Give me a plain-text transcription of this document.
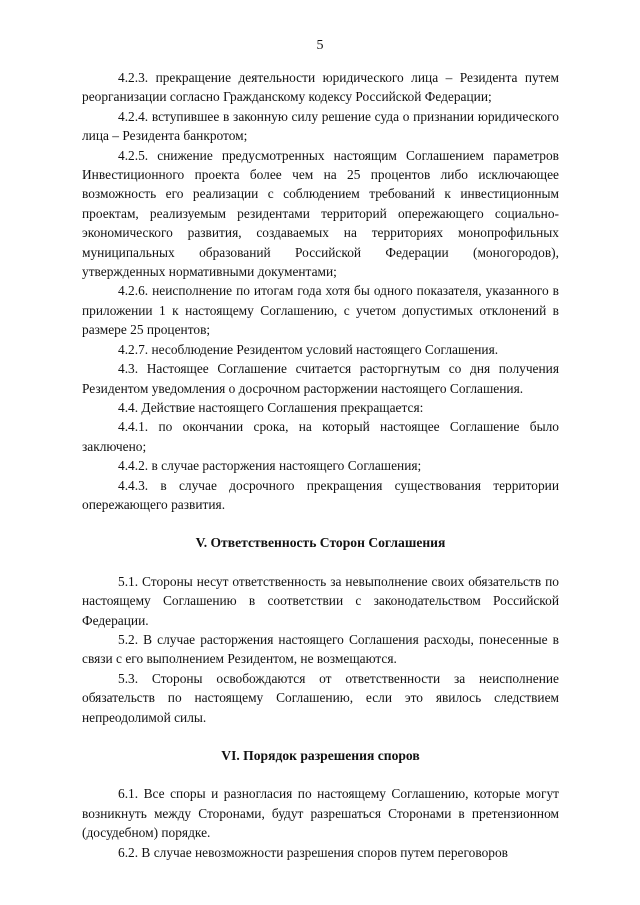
5

4.2.3. прекращение деятельности юридического лица – Резидента путем реорганизации согласно Гражданскому кодексу Российской Федерации;

4.2.4. вступившее в законную силу решение суда о признании юридического лица – Резидента банкротом;

4.2.5. снижение предусмотренных настоящим Соглашением параметров Инвестиционного проекта более чем на 25 процентов либо исключающее возможность его реализации с соблюдением требований к инвестиционным проектам, реализуемым резидентами территорий опережающего социально-экономического развития, создаваемых на территориях монопрофильных муниципальных образований Российской Федерации (моногородов), утвержденных нормативными документами;

4.2.6. неисполнение по итогам года хотя бы одного показателя, указанного в приложении 1 к настоящему Соглашению, с учетом допустимых отклонений в размере 25 процентов;

4.2.7. несоблюдение Резидентом условий настоящего Соглашения.

4.3. Настоящее Соглашение считается расторгнутым со дня получения Резидентом уведомления о досрочном расторжении настоящего Соглашения.

4.4. Действие настоящего Соглашения прекращается:

4.4.1. по окончании срока, на который настоящее Соглашение было заключено;

4.4.2. в случае расторжения настоящего Соглашения;

4.4.3. в случае досрочного прекращения существования территории опережающего развития.

V. Ответственность Сторон Соглашения

5.1. Стороны несут ответственность за невыполнение своих обязательств по настоящему Соглашению в соответствии с законодательством Российской Федерации.

5.2. В случае расторжения настоящего Соглашения расходы, понесенные в связи с его выполнением Резидентом, не возмещаются.

5.3. Стороны освобождаются от ответственности за неисполнение обязательств по настоящему Соглашению, если это явилось следствием непреодолимой силы.

VI. Порядок разрешения споров

6.1. Все споры и разногласия по настоящему Соглашению, которые могут возникнуть между Сторонами, будут разрешаться Сторонами в претензионном (досудебном) порядке.

6.2. В случае невозможности разрешения споров путем переговоров
